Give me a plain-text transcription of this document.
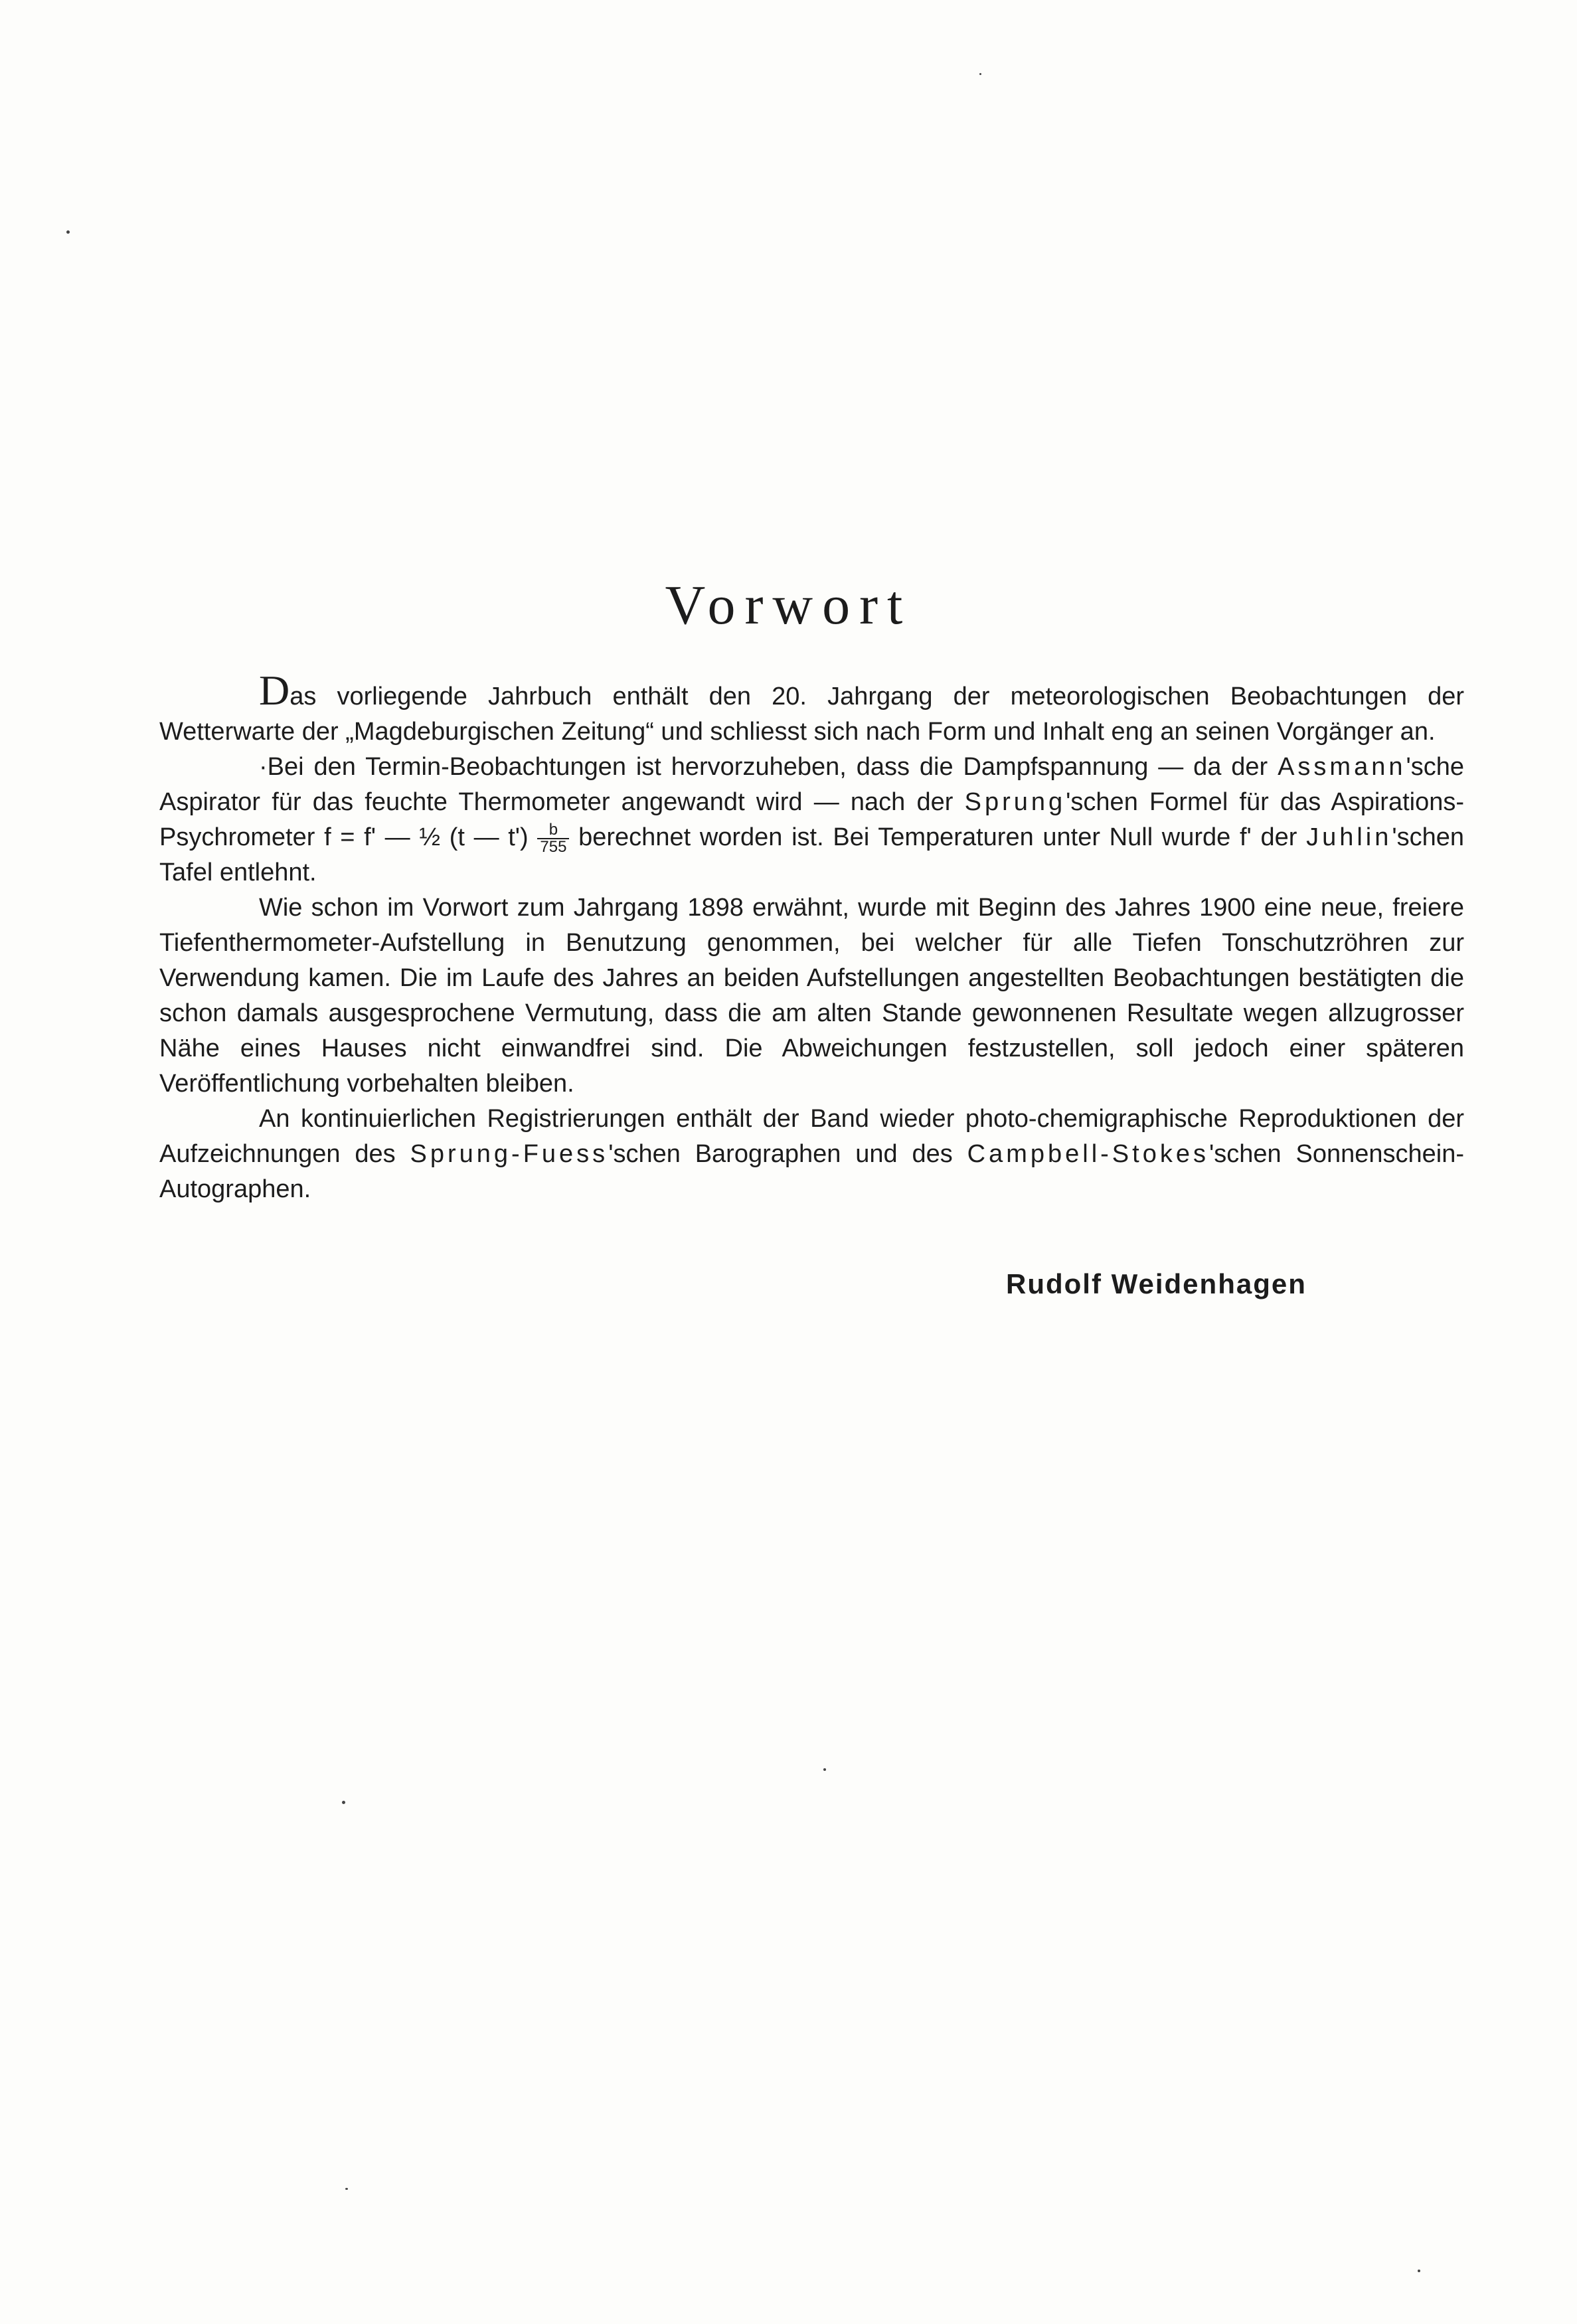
Vorwort

Das vorliegende Jahrbuch enthält den 20. Jahrgang der meteorologischen Beobachtungen der Wetterwarte der „Magdeburgischen Zeitung“ und schliesst sich nach Form und Inhalt eng an seinen Vorgänger an.

·Bei den Termin-Beobachtungen ist hervorzuheben, dass die Dampfspannung — da der Assmann'sche Aspirator für das feuchte Thermometer angewandt wird — nach der Sprung'schen Formel für das Aspirations-Psychrometer f = f' — ½ (t — $t') \frac{b}{755}$ berechnet worden ist. Bei Temperaturen unter Null wurde f' der Juhlin'schen Tafel entlehnt.

Wie schon im Vorwort zum Jahrgang 1898 erwähnt, wurde mit Beginn des Jahres 1900 eine neue, freiere Tiefenthermometer-Aufstellung in Benutzung genommen, bei welcher für alle Tiefen Tonschutzröhren zur Verwendung kamen. Die im Laufe des Jahres an beiden Aufstellungen angestellten Beobachtungen bestätigten die schon damals ausgesprochene Vermutung, dass die am alten Stande gewonnenen Resultate wegen allzugrosser Nähe eines Hauses nicht einwandfrei sind. Die Abweichungen festzustellen, soll jedoch einer späteren Veröffentlichung vorbehalten bleiben.

An kontinuierlichen Registrierungen enthält der Band wieder photo-chemigraphische Reproduktionen der Aufzeichnungen des Sprung-Fuess'schen Barographen und des Campbell-Stokes'schen Sonnenschein-Autographen.

Rudolf Weidenhagen
